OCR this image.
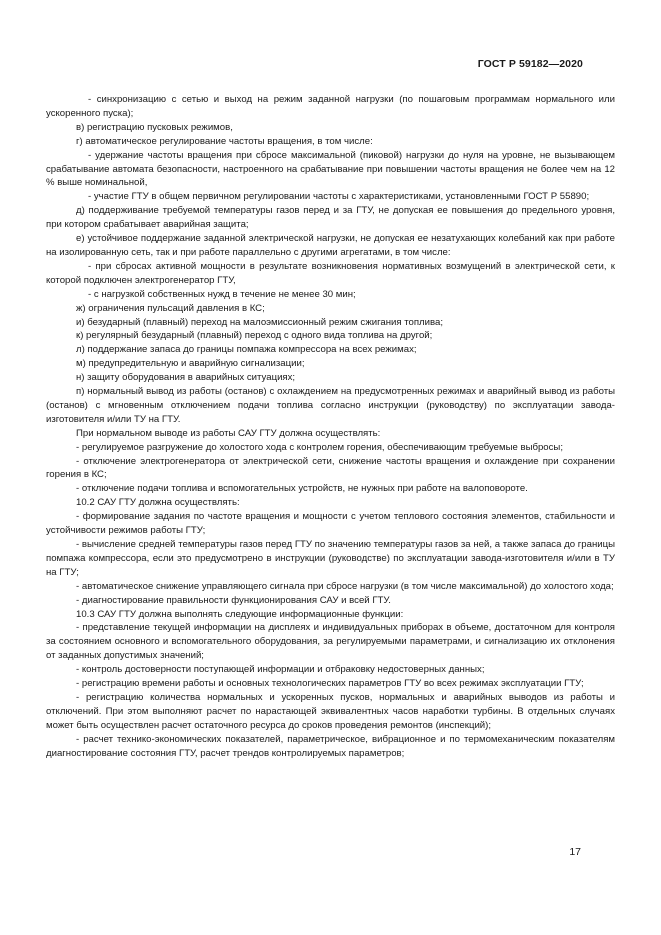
ГОСТ Р 59182—2020

- синхронизацию с сетью и выход на режим заданной нагрузки (по пошаговым программам нормального или ускоренного пуска);

в) регистрацию пусковых режимов,

г) автоматическое регулирование частоты вращения, в том числе:

- удержание частоты вращения при сбросе максимальной (пиковой) нагрузки до нуля на уровне, не вызывающем срабатывание автомата безопасности, настроенного на срабатывание при повышении частоты вращения не более чем на 12 % выше номинальной,

- участие ГТУ в общем первичном регулировании частоты с характеристиками, установленными ГОСТ Р 55890;

д) поддерживание требуемой температуры газов перед и за ГТУ, не допуская ее повышения до предельного уровня, при котором срабатывает аварийная защита;

е) устойчивое поддержание заданной электрической нагрузки, не допуская ее незатухающих колебаний как при работе на изолированную сеть, так и при работе параллельно с другими агрегатами, в том числе:

- при сбросах активной мощности в результате возникновения нормативных возмущений в электрической сети, к которой подключен электрогенератор ГТУ,

- с нагрузкой собственных нужд в течение не менее 30 мин;

ж) ограничения пульсаций давления в КС;

и) безударный (плавный) переход на малоэмиссионный режим сжигания топлива;

к) регулярный безударный (плавный) переход с одного вида топлива на другой;

л) поддержание запаса до границы помпажа компрессора на всех режимах;

м) предупредительную и аварийную сигнализации;

н) защиту оборудования в аварийных ситуациях;

п) нормальный вывод из работы (останов) с охлаждением на предусмотренных режимах и аварийный вывод из работы (останов) с мгновенным отключением подачи топлива согласно инструкции (руководству) по эксплуатации завода-изготовителя и/или ТУ на ГТУ.

При нормальном выводе из работы САУ ГТУ должна осуществлять:

- регулируемое разгружение до холостого хода с контролем горения, обеспечивающим требуемые выбросы;

- отключение электрогенератора от электрической сети, снижение частоты вращения и охлаждение при сохранении горения в КС;

- отключение подачи топлива и вспомогательных устройств, не нужных при работе на валоповороте.

10.2 САУ ГТУ должна осуществлять:

- формирование задания по частоте вращения и мощности с учетом теплового состояния элементов, стабильности и устойчивости режимов работы ГТУ;

- вычисление средней температуры газов перед ГТУ по значению температуры газов за ней, а также запаса до границы помпажа компрессора, если это предусмотрено в инструкции (руководстве) по эксплуатации завода-изготовителя и/или в ТУ на ГТУ;

- автоматическое снижение управляющего сигнала при сбросе нагрузки (в том числе максимальной) до холостого хода;

- диагностирование правильности функционирования САУ и всей ГТУ.

10.3 САУ ГТУ должна выполнять следующие информационные функции:

- представление текущей информации на дисплеях и индивидуальных приборах в объеме, достаточном для контроля за состоянием основного и вспомогательного оборудования, за регулируемыми параметрами, и сигнализацию их отклонения от заданных допустимых значений;

- контроль достоверности поступающей информации и отбраковку недостоверных данных;

- регистрацию времени работы и основных технологических параметров ГТУ во всех режимах эксплуатации ГТУ;

- регистрацию количества нормальных и ускоренных пусков, нормальных и аварийных выводов из работы и отключений. При этом выполняют расчет по нарастающей эквивалентных часов наработки турбины. В отдельных случаях может быть осуществлен расчет остаточного ресурса до сроков проведения ремонтов (инспекций);

- расчет технико-экономических показателей, параметрическое, вибрационное и по термомеханическим показателям диагностирование состояния ГТУ, расчет трендов контролируемых параметров;

17
